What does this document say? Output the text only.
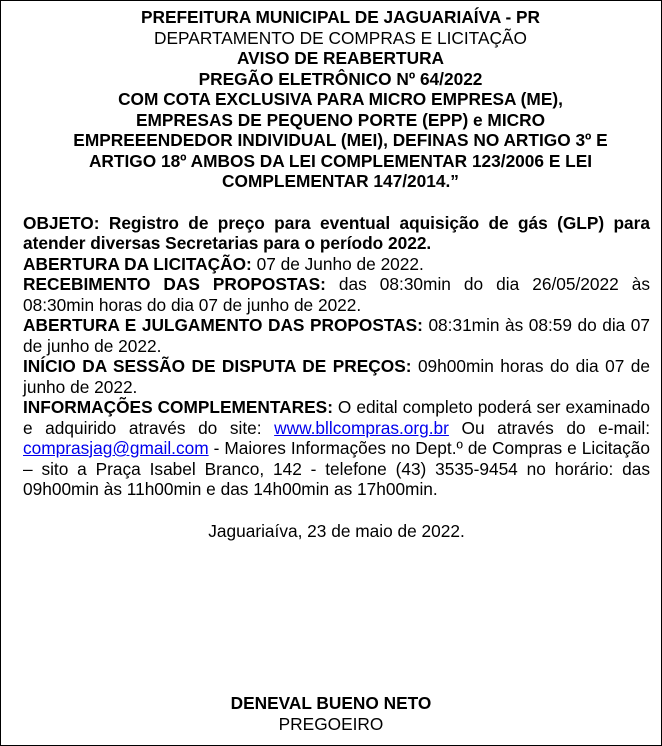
PREFEITURA MUNICIPAL DE JAGUARIAÍVA - PR
DEPARTAMENTO DE COMPRAS E LICITAÇÃO
AVISO DE REABERTURA
PREGÃO ELETRÔNICO Nº 64/2022
COM COTA EXCLUSIVA PARA MICRO EMPRESA (ME),
EMPRESAS DE PEQUENO PORTE (EPP) e MICRO
EMPREEENDEDOR INDIVIDUAL (MEI), DEFINAS NO ARTIGO 3º E
ARTIGO 18º AMBOS DA LEI COMPLEMENTAR 123/2006 E LEI
COMPLEMENTAR 147/2014.”

OBJETO: Registro de preço para eventual aquisição de gás (GLP) para atender diversas Secretarias para o período 2022.

ABERTURA DA LICITAÇÃO: 07 de Junho de 2022.

RECEBIMENTO DAS PROPOSTAS: das 08:30min do dia 26/05/2022 às 08:30min horas do dia 07 de junho de 2022.

ABERTURA E JULGAMENTO DAS PROPOSTAS: 08:31min às 08:59 do dia 07 de junho de 2022.

INÍCIO DA SESSÃO DE DISPUTA DE PREÇOS: 09h00min horas do dia 07 de junho de 2022.

INFORMAÇÕES COMPLEMENTARES: O edital completo poderá ser examinado e adquirido através do site: www.bllcompras.org.br Ou através do e-mail: comprasjag@gmail.com - Maiores Informações no Dept.º de Compras e Licitação – sito a Praça Isabel Branco, 142 - telefone (43) 3535-9454 no horário: das 09h00min às 11h00min e das 14h00min as 17h00min.

Jaguariaíva, 23 de maio de 2022.
DENEVAL BUENO NETO
PREGOEIRO
